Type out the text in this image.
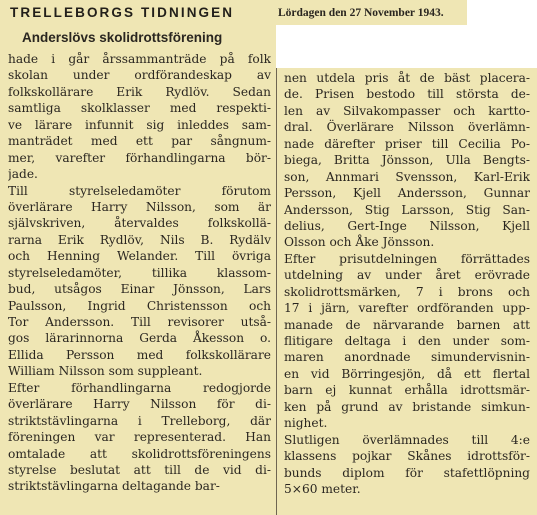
TRELLEBORGS TIDNINGEN	Lördagen den 27 November 1943.
Anderslövs skolidrottsförening
hade i går årssammanträde på folk
skolan under ordförandeskap av
folkskollärare Erik Rydlöv. Sedan
samtliga skolklasser med respekti-
ve lärare infunnit sig inleddes sam-
manträdet med ett par sångnum-
mer, varefter förhandlingarna bör-
jade.
Till styrelseledamöter förutom
överlärare Harry Nilsson, som är
självskriven, återvaldes folkskollä-
rarna Erik Rydlöv, Nils B. Rydälv
och Henning Welander. Till övriga
styrelseledamöter, tillika klassom-
bud, utsågos Einar Jönsson, Lars
Paulsson, Ingrid Christensson och
Tor Andersson. Till revisorer utså-
gos lärarinnorna Gerda Åkesson o.
Ellida Persson med folkskollärare
William Nilsson som suppleant.
Efter förhandlingarna redogjorde
överlärare Harry Nilsson för di-
striktstävlingarna i Trelleborg, där
föreningen var representerad. Han
omtalade att skolidrottsföreningens
styrelse beslutat att till de vid di-
striktstävlingarna deltagande bar-
nen utdela pris åt de bäst placera-
de. Prisen bestodo till största de-
len av Silvakompasser och kartto-
dral. Överlärare Nilsson överlämn-
nade därefter priser till Cecilia Po-
biega, Britta Jönsson, Ulla Bengts-
son, Annmari Svensson, Karl-Erik
Persson, Kjell Andersson, Gunnar
Andersson, Stig Larsson, Stig San-
delius, Gert-Inge Nilsson, Kjell
Olsson och Åke Jönsson.
Efter prisutdelningen förrättades
utdelning av under året erövrade
skolidrottsmärken, 7 i brons och
17 i järn, varefter ordföranden upp-
manade de närvarande barnen att
flitigare deltaga i den under som-
maren anordnade simundervisnin-
en vid Börringesjön, då ett flertal
barn ej kunnat erhålla idrottsmär-
ken på grund av bristande simkun-
nighet.
Slutligen överlämnades till 4:e
klassens pojkar Skånes idrottsför-
bunds diplom för stafettlöpning
5×60 meter.
